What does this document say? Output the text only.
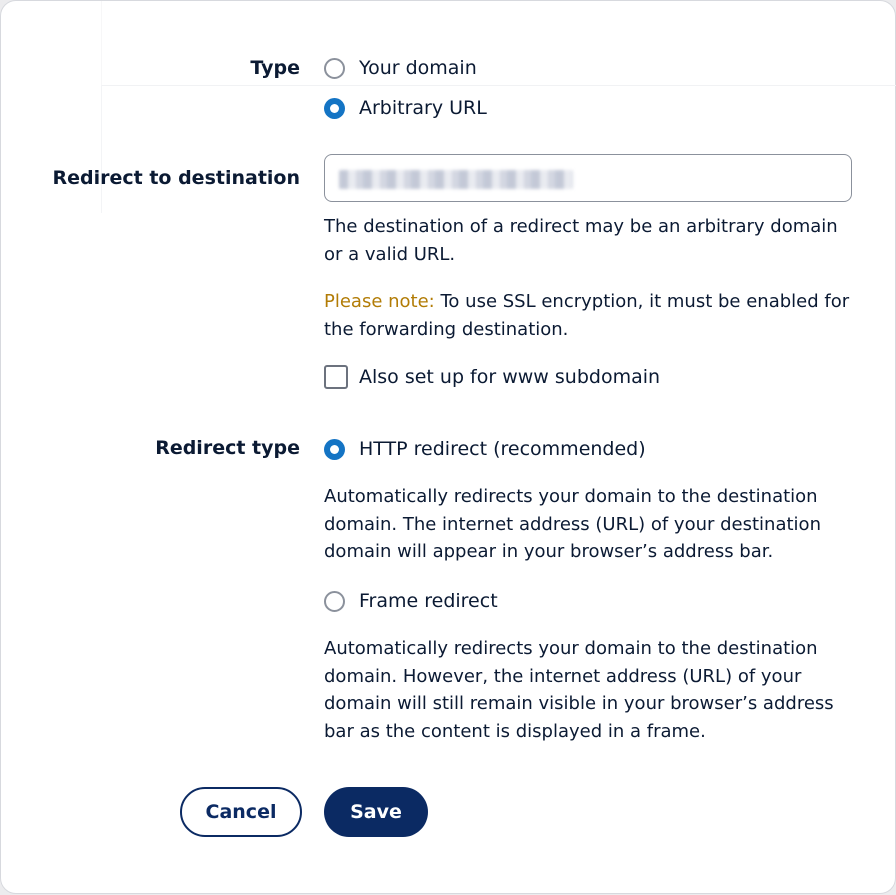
Type	Your domain
Arbitrary URL
Redirect to destination

The destination of a redirect may be an arbitrary domain or a valid URL.

Please note: To use SSL encryption, it must be enabled for the forwarding destination.

Also set up for www subdomain
Redirect type	HTTP redirect (recommended)

Automatically redirects your domain to the destination domain. The internet address (URL) of your destination domain will appear in your browser’s address bar.

Frame redirect

Automatically redirects your domain to the destination domain. However, the internet address (URL) of your domain will still remain visible in your browser’s address bar as the content is displayed in a frame.

Cancel	Save
